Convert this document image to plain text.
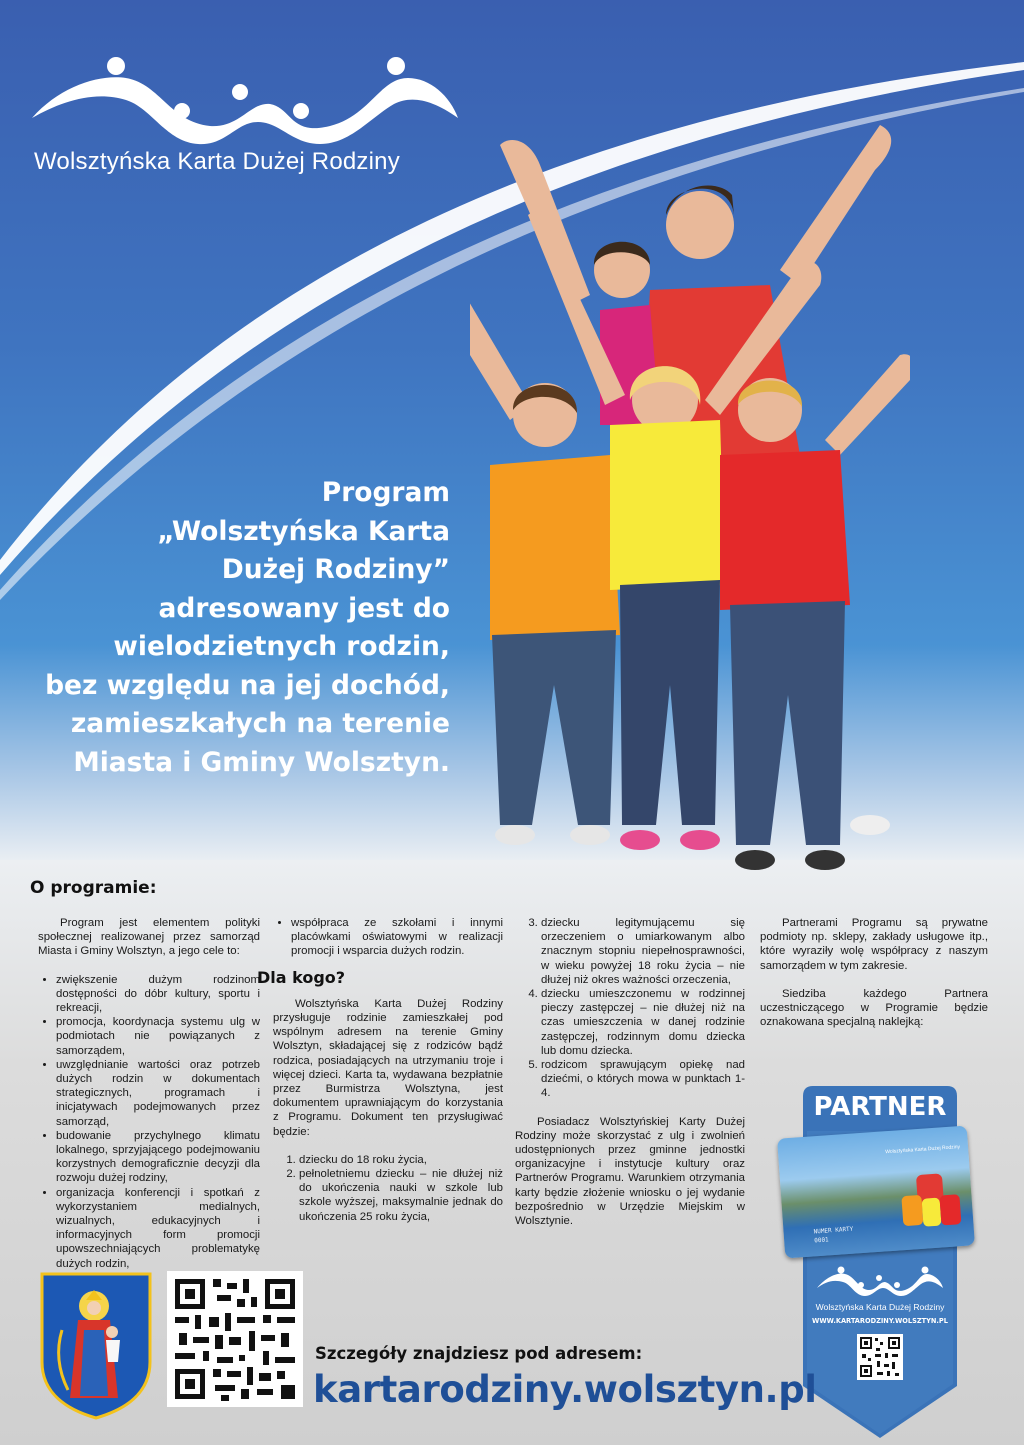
Wolsztyńska Karta Dużej Rodziny
Program
„Wolsztyńska Karta
Dużej Rodziny”
adresowany jest do
wielodzietnych rodzin,
bez względu na jej dochód,
zamieszkałych na terenie
Miasta i Gminy Wolsztyn.
O programie:

Program jest elementem polityki społecznej realizowanej przez samorząd Miasta i Gminy Wolsztyn, a jego cele to:

• zwiększenie dużym rodzinom dostępności do dóbr kultury, sportu i rekreacji,
• promocja, koordynacja systemu ulg w podmiotach nie powiązanych z samorządem,
• uwzględnianie wartości oraz potrzeb dużych rodzin w dokumentach strategicznych, programach i inicjatywach podejmowanych przez samorząd,
• budowanie przychylnego klimatu lokalnego, sprzyjającego podejmowaniu korzystnych demograficznie decyzji dla rozwoju dużej rodziny,
• organizacja konferencji i spotkań z wykorzystaniem medialnych, wizualnych, edukacyjnych i informacyjnych form promocji upowszechniających problematykę dużych rodzin,
• współpraca ze szkołami i innymi placówkami oświatowymi w realizacji promocji i wsparcia dużych rodzin.
Dla kogo?

Wolsztyńska Karta Dużej Rodziny przysługuje rodzinie zamieszkałej pod wspólnym adresem na terenie Gminy Wolsztyn, składającej się z rodziców bądź rodzica, posiadających na utrzymaniu troje i więcej dzieci. Karta ta, wydawana bezpłatnie przez Burmistrza Wolsztyna, jest dokumentem uprawniającym do korzystania z Programu. Dokument ten przysługiwać będzie:

1. dziecku do 18 roku życia,
2. pełnoletniemu dziecku – nie dłużej niż do ukończenia nauki w szkole lub szkole wyższej, maksymalnie jednak do ukończenia 25 roku życia,
3. dziecku legitymującemu się orzeczeniem o umiarkowanym albo znacznym stopniu niepełnosprawności, w wieku powyżej 18 roku życia – nie dłużej niż okres ważności orzeczenia,
4. dziecku umieszczonemu w rodzinnej pieczy zastępczej – nie dłużej niż na czas umieszczenia w danej rodzinie zastępczej, rodzinnym domu dziecka lub domu dziecka.
5. rodzicom sprawującym opiekę nad dziećmi, o których mowa w punktach 1-4.

Posiadacz Wolsztyńskiej Karty Dużej Rodziny może skorzystać z ulg i zwolnień udostępnionych przez gminne jednostki organizacyjne i instytucje kultury oraz Partnerów Programu. Warunkiem otrzymania karty będzie złożenie wniosku o jej wydanie bezpośrednio w Urzędzie Miejskim w Wolsztynie.

Partnerami Programu są prywatne podmioty np. sklepy, zakłady usługowe itp., które wyraziły wolę współpracy z naszym samorządem w tym zakresie.

Siedziba każdego Partnera uczestniczącego w Programie będzie oznakowana specjalną naklejką:

PARTNER
Wolsztyńska Karta Dużej Rodziny
NUMER KARTY
0001
Wolsztyńska Karta Dużej Rodziny
WWW.KARTARODZINY.WOLSZTYN.PL
Szczegóły znajdziesz pod adresem:
kartarodziny.wolsztyn.pl
